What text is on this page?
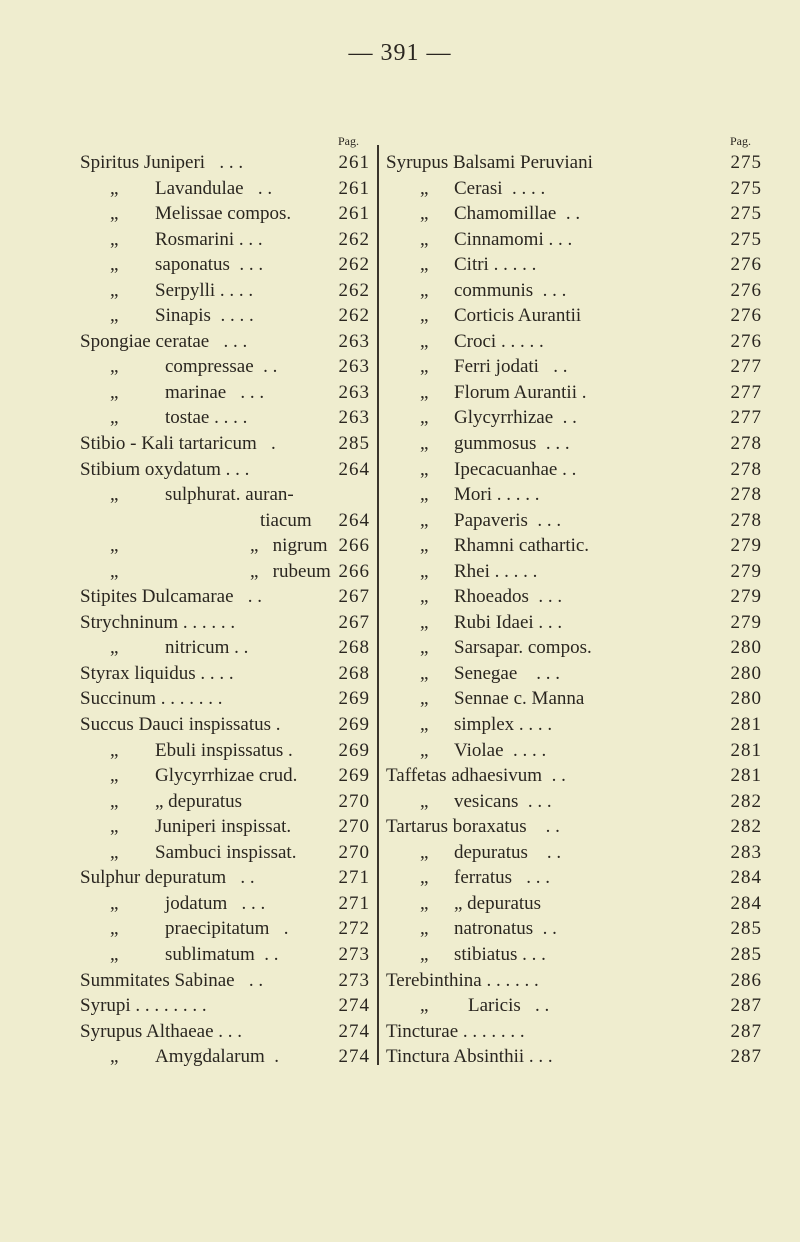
— 391 —
Pag.	Pag.
Spiritus Juniperi   . . .	261
„ Lavandulae   . .	261
„ Melissae compos.	261
„ Rosmarini . . .	262
„ saponatus  . . .	262
„ Serpylli . . . .	262
„ Sinapis  . . . .	262
Spongiae ceratae   . . .	263
„ compressae  . .	263
„ marinae   . . .	263
„ tostae . . . .	263
Stibio - Kali tartaricum   .	285
Stibium oxydatum . . .	264
„ sulphurat. auran-
tiacum	264
„	„   nigrum 266
„	„   rubeum 266
Stipites Dulcamarae   . .	267
Strychninum . . . . . .	267
„ nitricum . .	268
Styrax liquidus . . . .	268
Succinum . . . . . . .	269
Succus Dauci inspissatus .	269
„ Ebuli inspissatus .	269
„ Glycyrrhizae crud.	269
„ „ depuratus	270
„ Juniperi inspissat.	270
„ Sambuci inspissat.	270
Sulphur depuratum   . .	271
„ jodatum   . . .	271
„ praecipitatum   .	272
„ sublimatum  . .	273
Summitates Sabinae   . .	273
Syrupi . . . . . . . .	274
Syrupus Althaeae . . .	274
„ Amygdalarum  .	274
Syrupus Balsami Peruviani	275
„ Cerasi  . . . .	275
„ Chamomillae  . .	275
„ Cinnamomi . . .	275
„ Citri . . . . .	276
„ communis  . . .	276
„ Corticis Aurantii	276
„ Croci . . . . .	276
„ Ferri jodati   . .	277
„ Florum Aurantii .	277
„ Glycyrrhizae  . .	277
„ gummosus  . . .	278
„ Ipecacuanhae . .	278
„ Mori . . . . .	278
„ Papaveris  . . .	278
„ Rhamni cathartic.	279
„ Rhei . . . . .	279
„ Rhoeados  . . .	279
„ Rubi Idaei . . .	279
„ Sarsapar. compos.	280
„ Senegae    . . .	280
„ Sennae c. Manna	280
„ simplex . . . .	281
„ Violae  . . . .	281
Taffetas adhaesivum  . .	281
„ vesicans  . . .	282
Tartarus boraxatus    . .	282
„ depuratus    . .	283
„ ferratus   . . .	284
„ „ depuratus	284
„ natronatus  . .	285
„ stibiatus . . .	285
Terebinthina . . . . . .	286
„ Laricis   . .	287
Tincturae . . . . . . .	287
Tinctura Absinthii . . .	287
